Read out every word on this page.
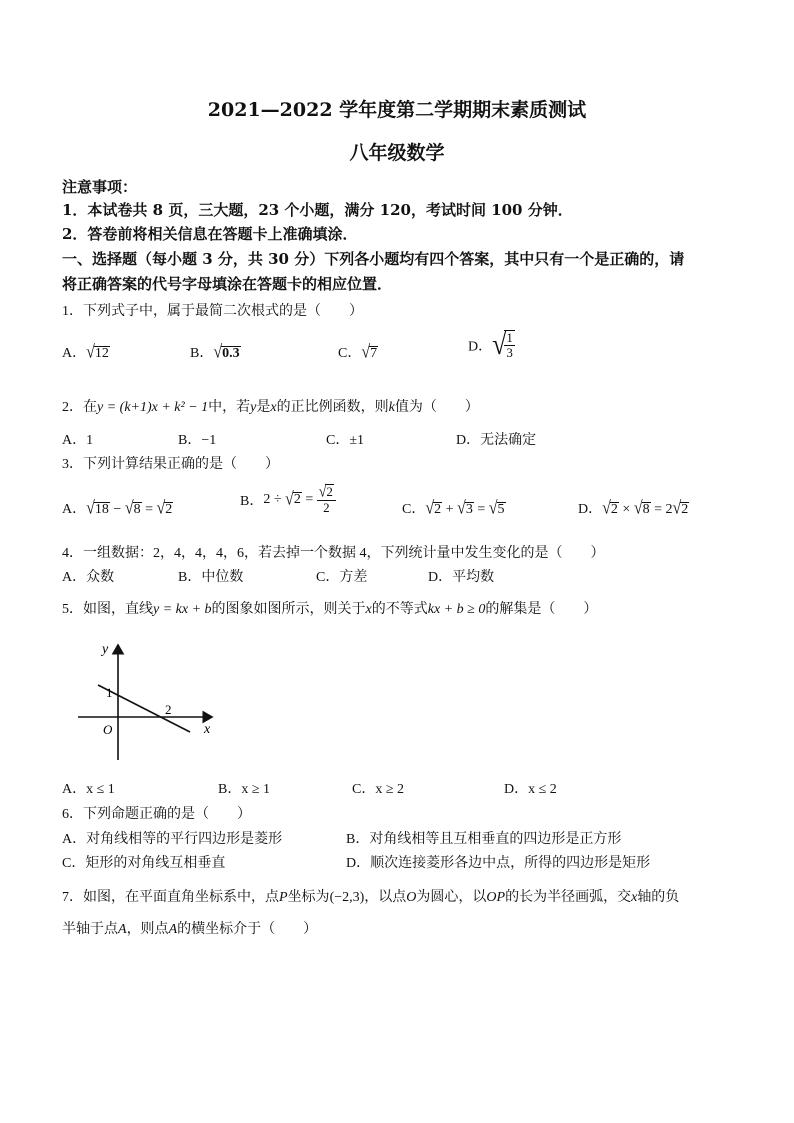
2021—2022 学年度第二学期期末素质测试
八年级数学
注意事项：
1．本试卷共 8 页，三大题，23 个小题，满分 120，考试时间 100 分钟．
2．答卷前将相关信息在答题卡上准确填涂．
一、选择题（每小题 3 分，共 30 分）下列各小题均有四个答案，其中只有一个是正确的，请
将正确答案的代号字母填涂在答题卡的相应位置．
1．下列式子中，属于最简二次根式的是（　　）
A．√12	B．√0.3	C．√7	D．√
$\frac{1}{3}$
2．在y = (k+1)x + k² − 1中，若y是x的正比例函数，则k值为（　　）
A．1	B．−1	C．±1	D．无法确定
3．下列计算结果正确的是（　　）
A．√18 − √8 = √2
B．$2 \div √2 = \frac{√2}{2}$	C．√2 + √3 = √5	D．√2 × √8 = 2√2
4．一组数据：2，4，4，4，6，若去掉一个数据 4，下列统计量中发生变化的是（　　）
A．众数	B．中位数	C．方差	D．平均数
5．如图，直线y = kx + b的图象如图所示，则关于x的不等式kx + b ≥ 0的解集是（　　）
y
x
O
1
2
A．x ≤ 1	B．x ≥ 1	C．x ≥ 2	D．x ≤ 2
6．下列命题正确的是（　　）
A．对角线相等的平行四边形是菱形	B．对角线相等且互相垂直的四边形是正方形
C．矩形的对角线互相垂直	D．顺次连接菱形各边中点，所得的四边形是矩形
7．如图，在平面直角坐标系中，点P坐标为(−2,3)，以点O为圆心，以OP的长为半径画弧，交x轴的负
半轴于点A，则点A的横坐标介于（　　）
